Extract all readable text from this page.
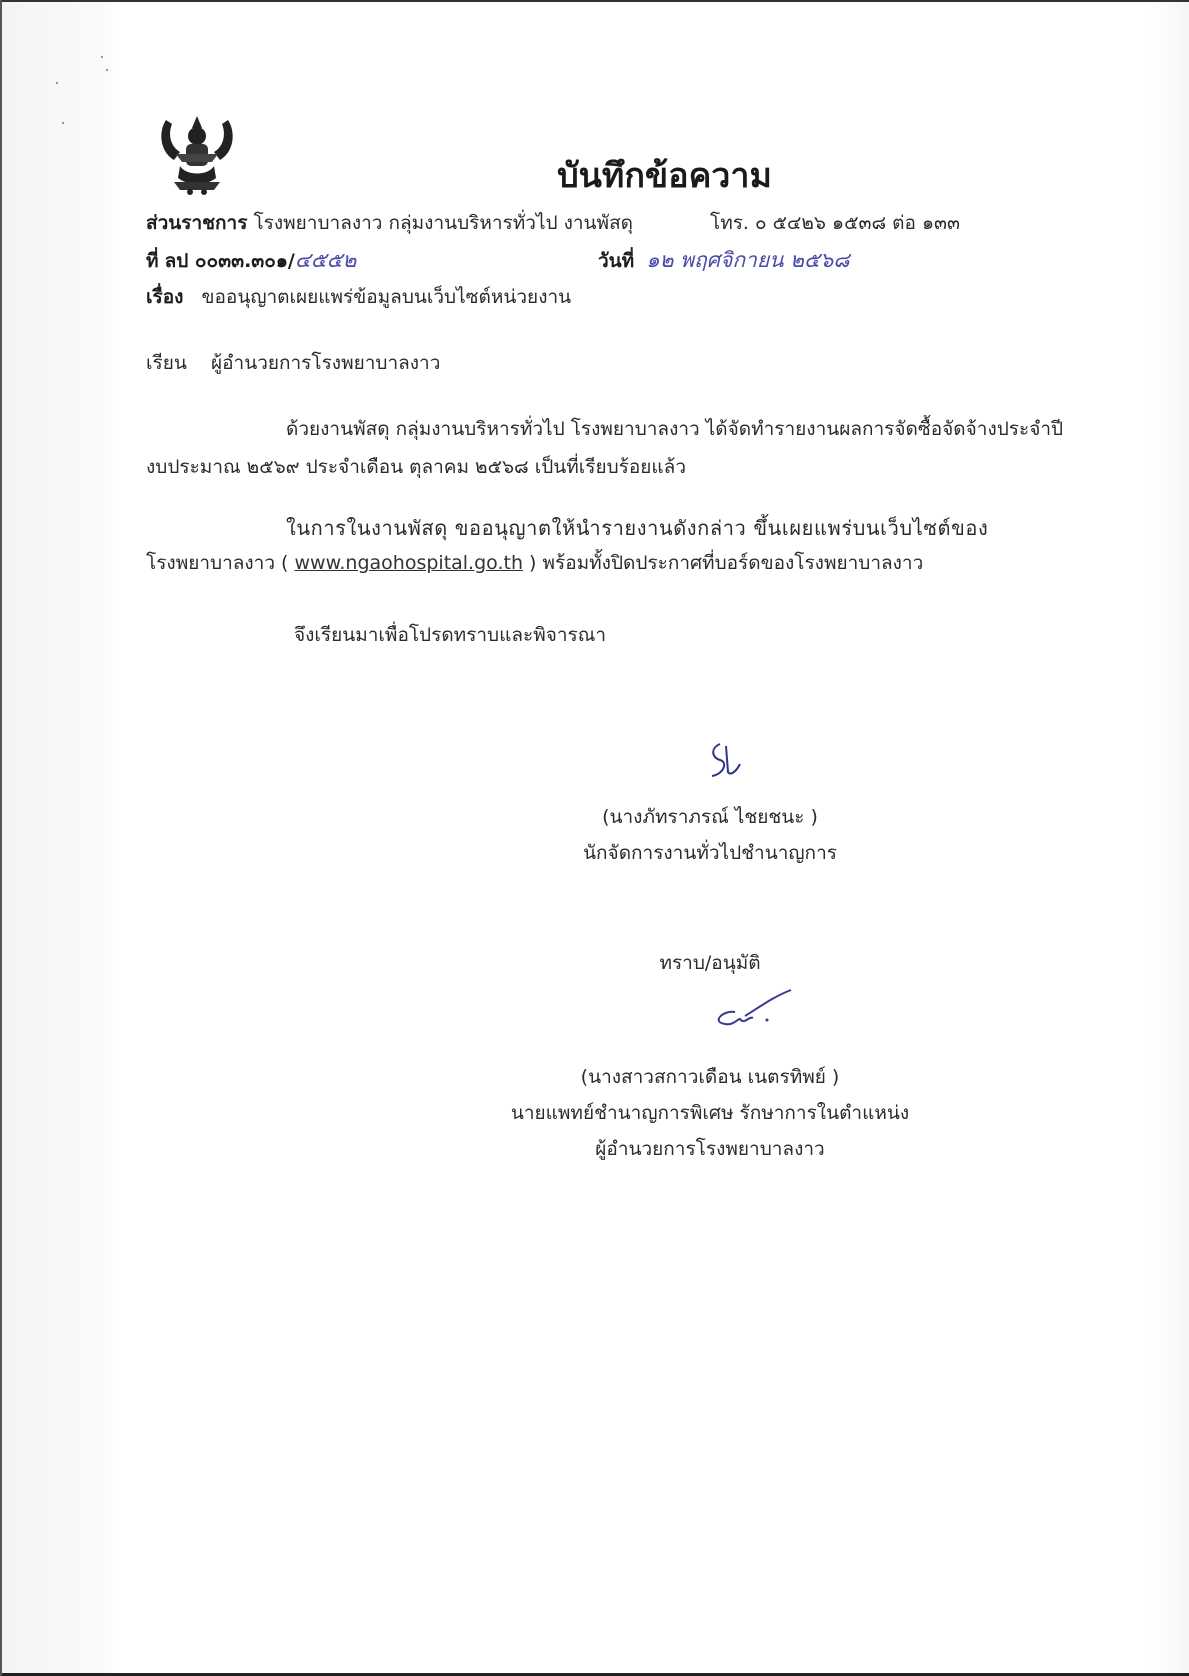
บันทึกข้อความ
ส่วนราชการ โรงพยาบาลงาว กลุ่มงานบริหารทั่วไป งานพัสดุ	โทร. ๐ ๕๔๒๖ ๑๕๓๘ ต่อ ๑๓๓
ที่ ลป ๐๐๓๓.๓๐๑/๔๕๕๒	วันที่ ๑๒ พฤศจิกายน ๒๕๖๘
เรื่อง ขออนุญาตเผยแพร่ข้อมูลบนเว็บไซต์หน่วยงาน
เรียน ผู้อำนวยการโรงพยาบาลงาว
ด้วยงานพัสดุ กลุ่มงานบริหารทั่วไป โรงพยาบาลงาว ได้จัดทำรายงานผลการจัดซื้อจัดจ้างประจำปี
งบประมาณ ๒๕๖๙ ประจำเดือน ตุลาคม ๒๕๖๘ เป็นที่เรียบร้อยแล้ว
ในการในงานพัสดุ ขออนุญาตให้นำรายงานดังกล่าว ขึ้นเผยแพร่บนเว็บไซต์ของ
โรงพยาบาลงาว ( www.ngaohospital.go.th ) พร้อมทั้งปิดประกาศที่บอร์ดของโรงพยาบาลงาว
จึงเรียนมาเพื่อโปรดทราบและพิจารณา
(นางภัทราภรณ์ ไชยชนะ )
นักจัดการงานทั่วไปชำนาญการ
ทราบ/อนุมัติ
(นางสาวสกาวเดือน เนตรทิพย์ )
นายแพทย์ชำนาญการพิเศษ รักษาการในตำแหน่ง
ผู้อำนวยการโรงพยาบาลงาว
